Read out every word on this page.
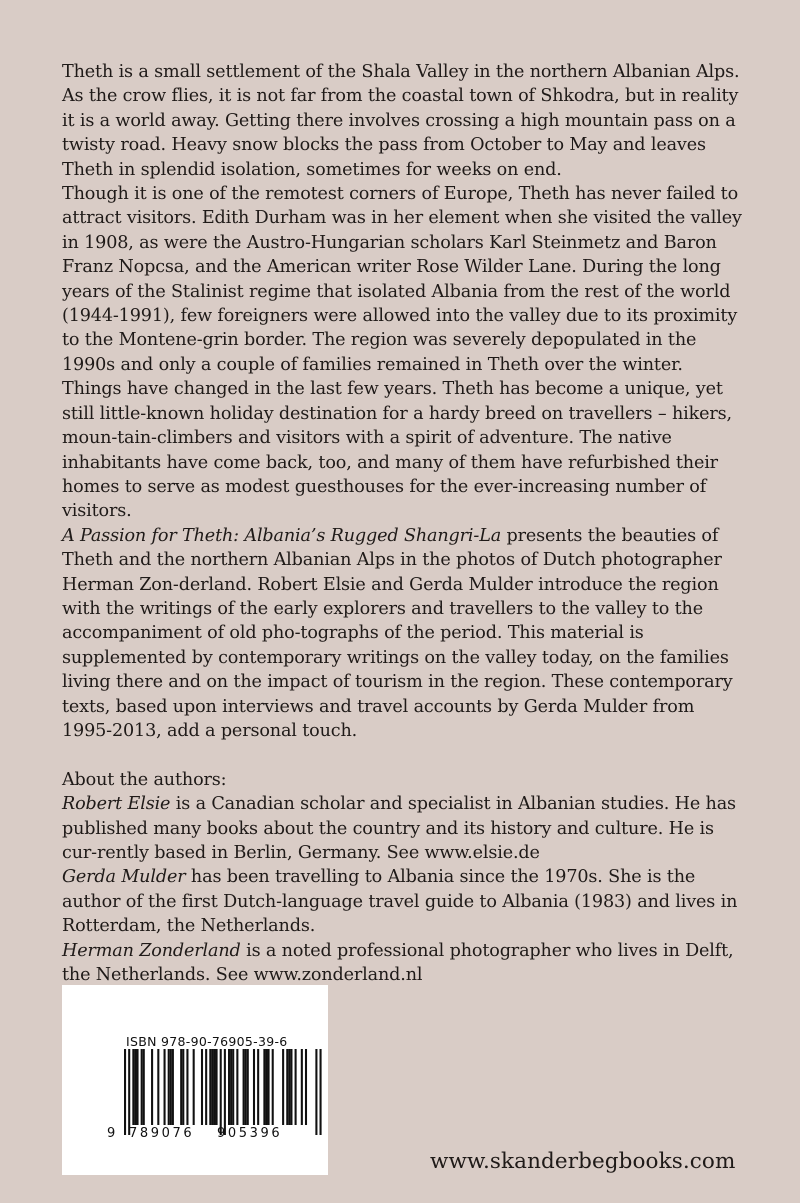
Theth is a small settlement of the Shala Valley in the northern Albanian Alps. As the crow flies, it is not far from the coastal town of Shkodra, but in reality it is a world away. Getting there involves crossing a high mountain pass on a twisty road. Heavy snow blocks the pass from October to May and leaves Theth in splendid isolation, sometimes for weeks on end.

Though it is one of the remotest corners of Europe, Theth has never failed to attract visitors. Edith Durham was in her element when she visited the valley in 1908, as were the Austro-Hungarian scholars Karl Steinmetz and Baron Franz Nopcsa, and the American writer Rose Wilder Lane. During the long years of the Stalinist regime that isolated Albania from the rest of the world (1944-1991), few foreigners were allowed into the valley due to its proximity to the Montene-grin border. The region was severely depopulated in the 1990s and only a couple of families remained in Theth over the winter.

Things have changed in the last few years. Theth has become a unique, yet still little-known holiday destination for a hardy breed on travellers – hikers, moun-tain-climbers and visitors with a spirit of adventure. The native inhabitants have come back, too, and many of them have refurbished their homes to serve as modest guesthouses for the ever-increasing number of visitors.

A Passion for Theth: Albania’s Rugged Shangri-La presents the beauties of Theth and the northern Albanian Alps in the photos of Dutch photographer Herman Zon-derland. Robert Elsie and Gerda Mulder introduce the region with the writings of the early explorers and travellers to the valley to the accompaniment of old pho-tographs of the period. This material is supplemented by contemporary writings on the valley today, on the families living there and on the impact of tourism in the region. These contemporary texts, based upon interviews and travel accounts by Gerda Mulder from 1995-2013, add a personal touch.

About the authors:

Robert Elsie is a Canadian scholar and specialist in Albanian studies. He has published many books about the country and its history and culture. He is cur-rently based in Berlin, Germany. See www.elsie.de

Gerda Mulder has been travelling to Albania since the 1970s. She is the author of the first Dutch-language travel guide to Albania (1983) and lives in Rotterdam, the Netherlands.

Herman Zonderland is a noted professional photographer who lives in Delft, the Netherlands. See www.zonderland.nl

ISBN 978-90-76905-39-6
9 789076 905396
www.skanderbegbooks.com
